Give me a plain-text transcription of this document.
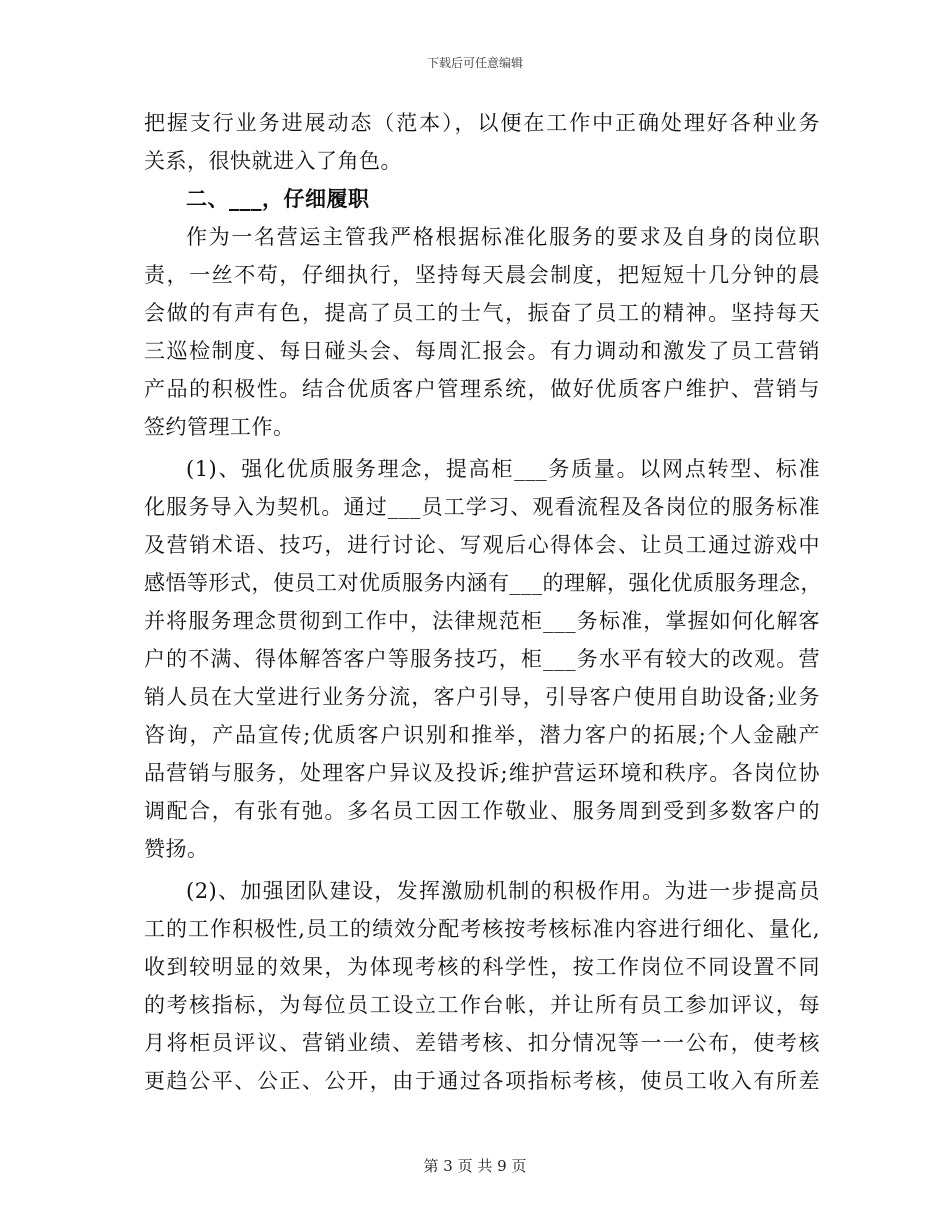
下载后可任意编辑
把握支行业务进展动态（范本），以便在工作中正确处理好各种业务
关系，很快就进入了角色。
二、___，仔细履职
作为一名营运主管我严格根据标准化服务的要求及自身的岗位职
责，一丝不苟，仔细执行，坚持每天晨会制度，把短短十几分钟的晨
会做的有声有色，提高了员工的士气，振奋了员工的精神。坚持每天
三巡检制度、每日碰头会、每周汇报会。有力调动和激发了员工营销
产品的积极性。结合优质客户管理系统，做好优质客户维护、营销与
签约管理工作。
(1)、强化优质服务理念，提高柜___务质量。以网点转型、标准
化服务导入为契机。通过___员工学习、观看流程及各岗位的服务标准
及营销术语、技巧，进行讨论、写观后心得体会、让员工通过游戏中
感悟等形式，使员工对优质服务内涵有___的理解，强化优质服务理念，
并将服务理念贯彻到工作中，法律规范柜___务标准，掌握如何化解客
户的不满、得体解答客户等服务技巧，柜___务水平有较大的改观。营
销人员在大堂进行业务分流，客户引导，引导客户使用自助设备;业务
咨询，产品宣传;优质客户识别和推举，潜力客户的拓展;个人金融产
品营销与服务，处理客户异议及投诉;维护营运环境和秩序。各岗位协
调配合，有张有弛。多名员工因工作敬业、服务周到受到多数客户的
赞扬。
(2)、加强团队建设，发挥激励机制的积极作用。为进一步提高员
工的工作积极性,员工的绩效分配考核按考核标准内容进行细化、量化,
收到较明显的效果，为体现考核的科学性，按工作岗位不同设置不同
的考核指标，为每位员工设立工作台帐，并让所有员工参加评议，每
月将柜员评议、营销业绩、差错考核、扣分情况等一一公布，使考核
更趋公平、公正、公开，由于通过各项指标考核，使员工收入有所差
第 3 页 共 9 页
